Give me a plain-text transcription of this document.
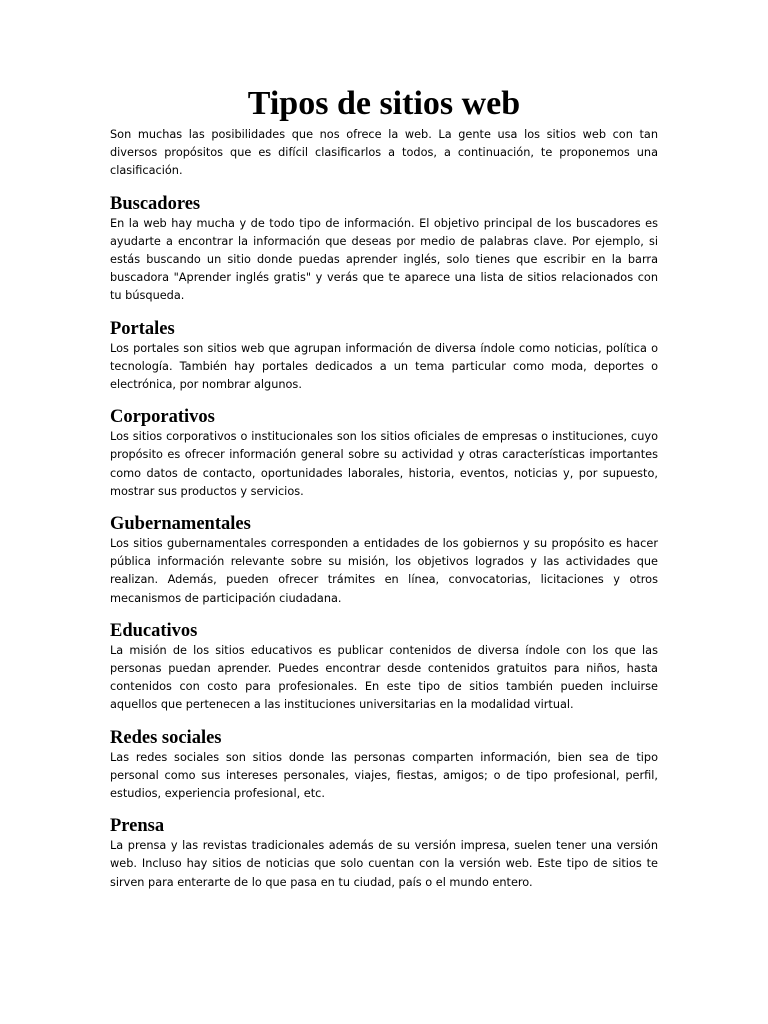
Tipos de sitios web

Son muchas las posibilidades que nos ofrece la web. La gente usa los sitios web con tan diversos propósitos que es difícil clasificarlos a todos, a continuación, te proponemos una clasificación.

Buscadores

En la web hay mucha y de todo tipo de información. El objetivo principal de los buscadores es ayudarte a encontrar la información que deseas por medio de palabras clave. Por ejemplo, si estás buscando un sitio donde puedas aprender inglés, solo tienes que escribir en la barra buscadora "Aprender inglés gratis" y verás que te aparece una lista de sitios relacionados con tu búsqueda.

Portales

Los portales son sitios web que agrupan información de diversa índole como noticias, política o tecnología. También hay portales dedicados a un tema particular como moda, deportes o electrónica, por nombrar algunos.

Corporativos

Los sitios corporativos o institucionales son los sitios oficiales de empresas o instituciones, cuyo propósito es ofrecer información general sobre su actividad y otras características importantes como datos de contacto, oportunidades laborales, historia, eventos, noticias y, por supuesto, mostrar sus productos y servicios.

Gubernamentales

Los sitios gubernamentales corresponden a entidades de los gobiernos y su propósito es hacer pública información relevante sobre su misión, los objetivos logrados y las actividades que realizan. Además, pueden ofrecer trámites en línea, convocatorias, licitaciones y otros mecanismos de participación ciudadana.

Educativos

La misión de los sitios educativos es publicar contenidos de diversa índole con los que las personas puedan aprender. Puedes encontrar desde contenidos gratuitos para niños, hasta contenidos con costo para profesionales. En este tipo de sitios también pueden incluirse aquellos que pertenecen a las instituciones universitarias en la modalidad virtual.

Redes sociales

Las redes sociales son sitios donde las personas comparten información, bien sea de tipo personal como sus intereses personales, viajes, fiestas, amigos; o de tipo profesional, perfil, estudios, experiencia profesional, etc.

Prensa

La prensa y las revistas tradicionales además de su versión impresa, suelen tener una versión web. Incluso hay sitios de noticias que solo cuentan con la versión web. Este tipo de sitios te sirven para enterarte de lo que pasa en tu ciudad, país o el mundo entero.
